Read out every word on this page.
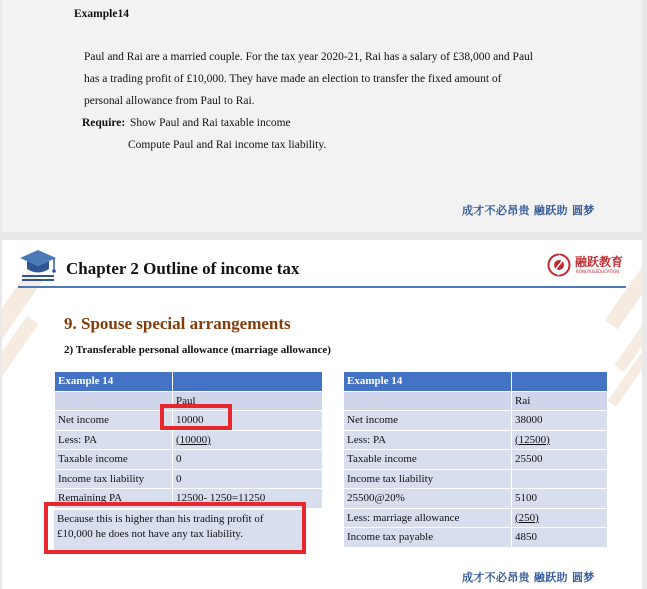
Example14
Paul and Rai are a married couple. For the tax year 2020-21, Rai has a salary of £38,000 and Paul
has a trading profit of £10,000. They have made an election to transfer the fixed amount of
personal allowance from Paul to Rai.
Require: Show Paul and Rai taxable income
Compute Paul and Rai income tax liability.
成才不必昂贵 融跃助 圆梦
Chapter 2 Outline of income tax	融跃教育
RONGYUEEDUCATION
9. Spouse special arrangements
2) Transferable personal allowance (marriage allowance)
Example 14	
	Paul
Net income	10000
Less: PA	(10000)
Taxable income	0
Income tax liability	0
Remaining PA	12500- 1250=11250
Because this is higher than his trading profit of £10,000 he does not have any tax liability.
Example 14	
	Rai
Net income	38000
Less: PA	(12500)
Taxable income	25500
Income tax liability	
25500@20%	5100
Less: marriage allowance	(250)
Income tax payable	4850
成才不必昂贵 融跃助 圆梦
